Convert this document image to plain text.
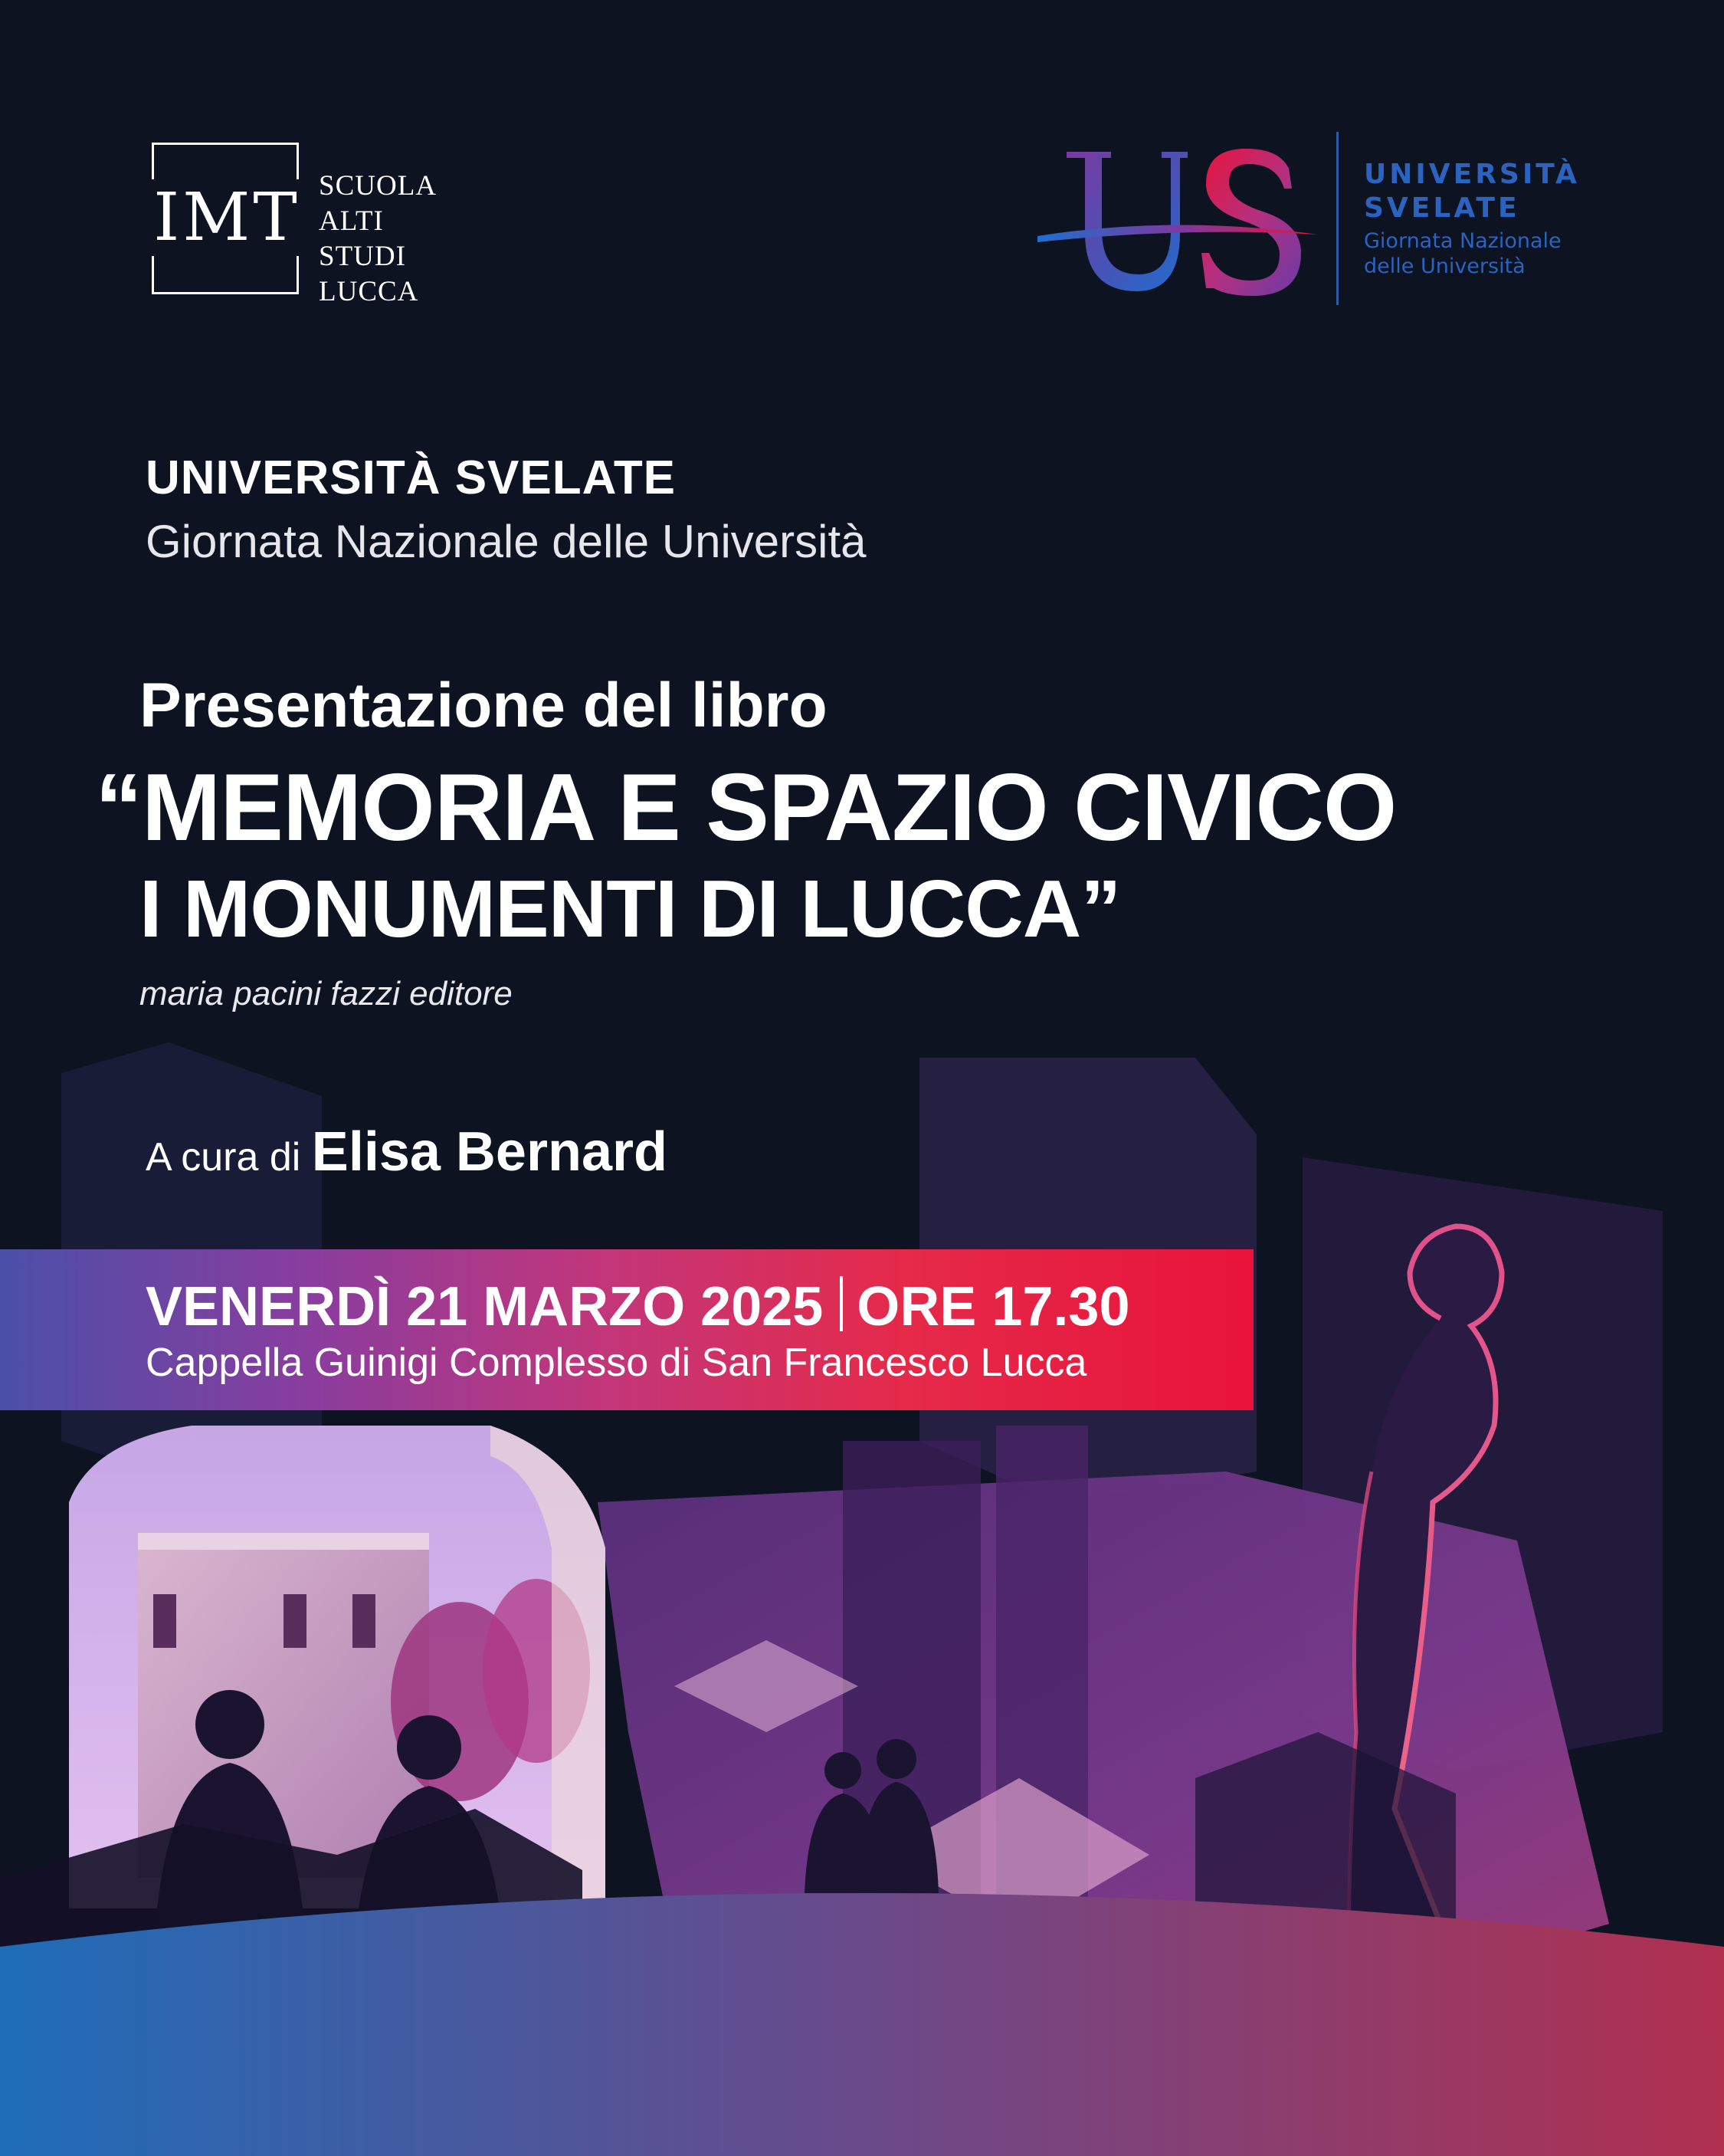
IMT SCUOLA
ALTI STUDI
LUCCA
UNIVERSITÀ
SVELATE
Giornata Nazionale
delle Università
UNIVERSITÀ SVELATE
Giornata Nazionale delle Università
Presentazione del libro
“MEMORIA E SPAZIO CIVICO
I MONUMENTI DI LUCCA”
maria pacini fazzi editore
A cura di Elisa Bernard
VENERDÌ 21 MARZO 2025 ORE 17.30
Cappella Guinigi Complesso di San Francesco Lucca
